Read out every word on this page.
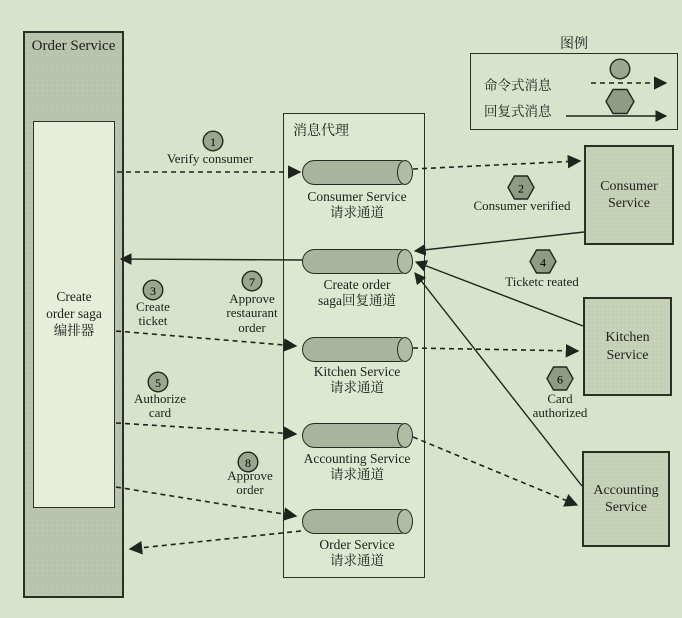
Order Service
Create
order saga
编排器
消息代理
Consumer Service
请求通道
Create order
saga回复通道
Kitchen Service
请求通道
Accounting Service
请求通道
Order Service
请求通道
Consumer
Service
Kitchen
Service
Accounting
Service
图例
命令式消息
回复式消息
1
3
5
7
8
2
4
6
Verify consumer
Consumer verified
Create ticket
Ticketc reated
Authorize card
Card authorized
Approve restaurant order
Approve order
